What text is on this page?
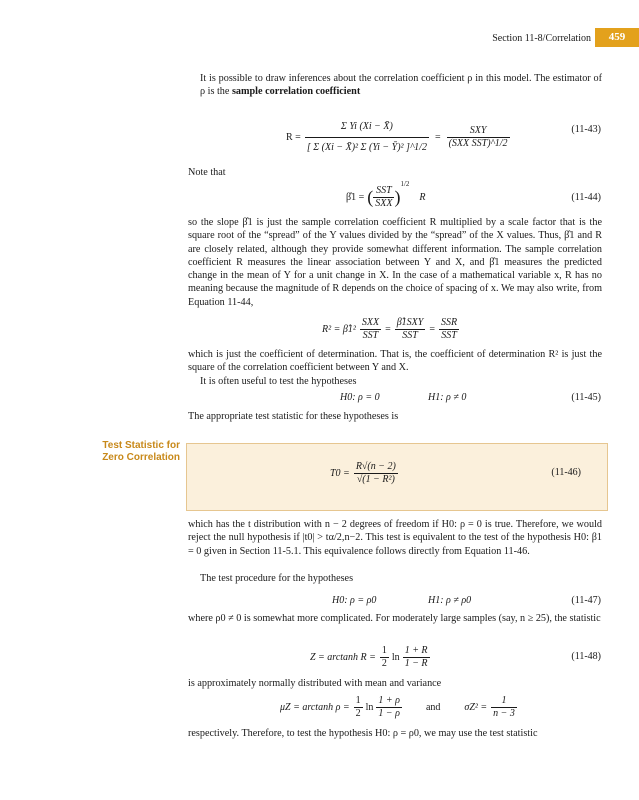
Section 11-8/Correlation	459
It is possible to draw inferences about the correlation coefficient ρ in this model. The estimator of ρ is the sample correlation coefficient
$R = \frac{\text{Σ Yi (Xi − X̄)}}{\text{[ Σ (Xi − X̄)² Σ (Yi − Ȳ)² ]\textasciicircum{}1/2}} = \frac{\text{SXY}}{\text{(SXX SST)\textasciicircum{}1/2}}$	(11-43)
Note that
β̂1 = ( $\frac{\text{SST}}{\text{SXX}}$ )
$^{1/2}$
R	(11-44)
so the slope β̂1 is just the sample correlation coefficient R multiplied by a scale factor that is the square root of the “spread” of the Y values divided by the “spread” of the X values. Thus, β̂1 and R are closely related, although they provide somewhat different information. The sample correlation coefficient R measures the linear association between Y and X, and β̂1 measures the predicted change in the mean of Y for a unit change in X. In the case of a mathematical variable x, R has no meaning because the magnitude of R depends on the choice of spacing of x. We may also write, from Equation 11-44,
R² = β̂1² $\frac{\text{SXX}}{\text{SST}} = \frac{\text{β̂1SXY}}{\text{SST}} = \frac{\text{SSR}}{\text{SST}}$
which is just the coefficient of determination. That is, the coefficient of determination R² is just the square of the correlation coefficient between Y and X.
It is often useful to test the hypotheses
H0: ρ = 0	H1: ρ ≠ 0	(11-45)
The appropriate test statistic for these hypotheses is
Test Statistic for Zero Correlation
$T0 = \frac{R√(n - 2)}{\text{√(1 − R²)}}$	(11-46)
which has the t distribution with n − 2 degrees of freedom if H0: ρ = 0 is true. Therefore, we would reject the null hypothesis if |t0| > tα/2,n−2. This test is equivalent to the test of the hypothesis H0: β1 = 0 given in Section 11-5.1. This equivalence follows directly from Equation 11-46.
The test procedure for the hypotheses
H0: ρ = ρ0	H1: ρ ≠ ρ0	(11-47)
where ρ0 ≠ 0 is somewhat more complicated. For moderately large samples (say, n ≥ 25), the statistic
Z = arctanh $R = \frac{1}{2}$ $\ln \frac{1 + R}{1 - R}$	(11-48)
is approximately normally distributed with mean and variance
μZ = arctanh $\rho = \frac{1}{2}$ $\ln \frac{1 + \rho}{1 - \rho}$ and $\sigma Z^2 = \frac{1}{n - 3}$
respectively. Therefore, to test the hypothesis H0: ρ = ρ0, we may use the test statistic
